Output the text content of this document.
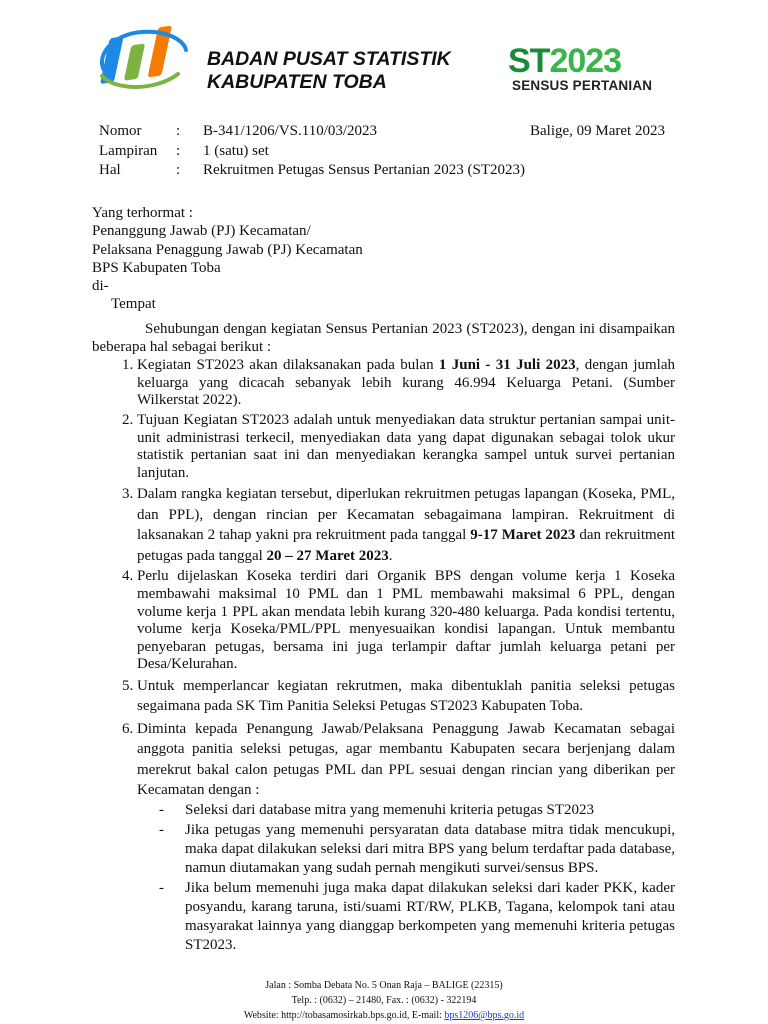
BADAN PUSAT STATISTIK
KABUPATEN TOBA
ST2023
SENSUS PERTANIAN
Nomor	:	B-341/1206/VS.110/03/2023
Lampiran	:	1 (satu) set
Hal	:	Rekruitmen Petugas Sensus Pertanian 2023 (ST2023)
Balige, 09 Maret 2023
Yang terhormat :
Penanggung Jawab (PJ) Kecamatan/
Pelaksana Penaggung Jawab (PJ) Kecamatan
BPS Kabupaten Toba
di-
Tempat

Sehubungan dengan kegiatan Sensus Pertanian 2023 (ST2023), dengan ini disampaikan beberapa hal sebagai berikut :

1. Kegiatan ST2023 akan dilaksanakan pada bulan 1 Juni - 31 Juli 2023, dengan jumlah keluarga yang dicacah sebanyak lebih kurang 46.994 Keluarga Petani. (Sumber Wilkerstat 2022).
2. Tujuan Kegiatan ST2023 adalah untuk menyediakan data struktur pertanian sampai unit-unit administrasi terkecil, menyediakan data yang dapat digunakan sebagai tolok ukur statistik pertanian saat ini dan menyediakan kerangka sampel untuk survei pertanian lanjutan.
3. Dalam rangka kegiatan tersebut, diperlukan rekruitmen petugas lapangan (Koseka, PML, dan PPL), dengan rincian per Kecamatan sebagaimana lampiran. Rekruitment di laksanakan 2 tahap yakni pra rekruitment pada tanggal 9-17 Maret 2023 dan rekruitment petugas pada tanggal 20 – 27 Maret 2023.
4. Perlu dijelaskan Koseka terdiri dari Organik BPS dengan volume kerja 1 Koseka membawahi maksimal 10 PML dan 1 PML membawahi maksimal 6 PPL, dengan volume kerja 1 PPL akan mendata lebih kurang 320-480 keluarga. Pada kondisi tertentu, volume kerja Koseka/PML/PPL menyesuaikan kondisi lapangan. Untuk membantu penyebaran petugas, bersama ini juga terlampir daftar jumlah keluarga petani per Desa/Kelurahan.
5. Untuk memperlancar kegiatan rekrutmen, maka dibentuklah panitia seleksi petugas segaimana pada SK Tim Panitia Seleksi Petugas ST2023 Kabupaten Toba.
6. Diminta kepada Penangung Jawab/Pelaksana Penaggung Jawab Kecamatan sebagai anggota panitia seleksi petugas, agar membantu Kabupaten secara berjenjang dalam merekrut bakal calon petugas PML dan PPL sesuai dengan rincian yang diberikan per Kecamatan dengan :
- Seleksi dari database mitra yang memenuhi kriteria petugas ST2023
- Jika petugas yang memenuhi persyaratan data database mitra tidak mencukupi, maka dapat dilakukan seleksi dari mitra BPS yang belum terdaftar pada database, namun diutamakan yang sudah pernah mengikuti survei/sensus BPS.
- Jika belum memenuhi juga maka dapat dilakukan seleksi dari kader PKK, kader posyandu, karang taruna, isti/suami RT/RW, PLKB, Tagana, kelompok tani atau masyarakat lainnya yang dianggap berkompeten yang memenuhi kriteria petugas ST2023.
Jalan : Somba Debata No. 5 Onan Raja – BALIGE (22315)
Telp. : (0632) – 21480, Fax. : (0632) - 322194
Website: http://tobasamosirkab.bps.go.id, E-mail: bps1206@bps.go.id
